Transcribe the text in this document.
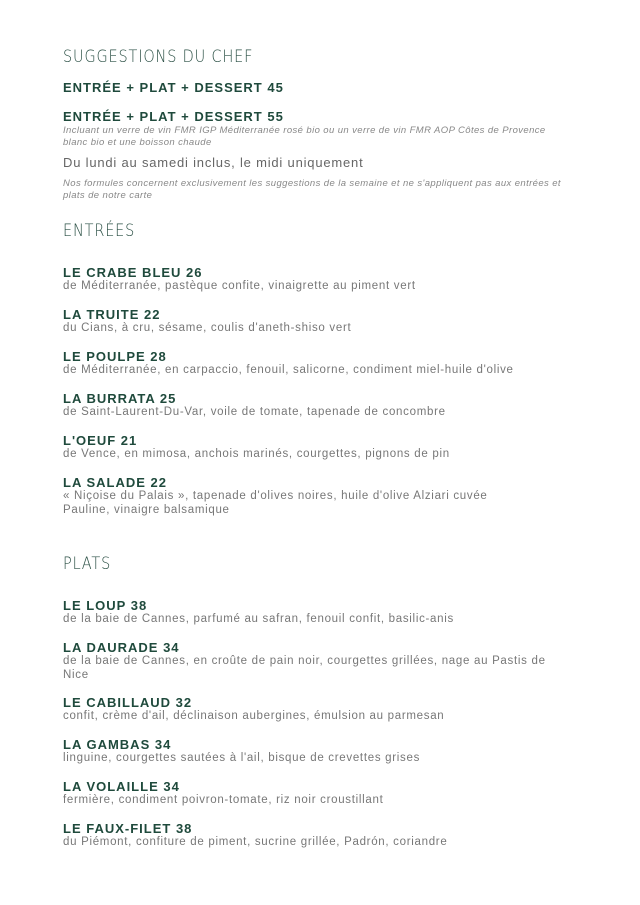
SUGGESTIONS DU CHEF
ENTRÉE + PLAT + DESSERT 45
ENTRÉE + PLAT + DESSERT 55
Incluant un verre de vin FMR IGP Méditerranée rosé bio ou un verre de vin FMR AOP Côtes de Provence blanc bio et une boisson chaude
Du lundi au samedi inclus, le midi uniquement
Nos formules concernent exclusivement les suggestions de la semaine et ne s'appliquent pas aux entrées et plats de notre carte
ENTRÉES
LE CRABE BLEU 26
de Méditerranée, pastèque confite, vinaigrette au piment vert
LA TRUITE 22
du Cians, à cru, sésame, coulis d'aneth-shiso vert
LE POULPE 28
de Méditerranée, en carpaccio, fenouil, salicorne, condiment miel-huile d'olive
LA BURRATA 25
de Saint-Laurent-Du-Var, voile de tomate, tapenade de concombre
L'OEUF 21
de Vence, en mimosa, anchois marinés, courgettes, pignons de pin
LA SALADE 22
« Niçoise du Palais », tapenade d'olives noires, huile d'olive Alziari cuvée Pauline, vinaigre balsamique
PLATS
LE LOUP 38
de la baie de Cannes, parfumé au safran, fenouil confit, basilic-anis
LA DAURADE 34
de la baie de Cannes, en croûte de pain noir, courgettes grillées, nage au Pastis de Nice
LE CABILLAUD 32
confit, crème d'ail, déclinaison aubergines, émulsion au parmesan
LA GAMBAS 34
linguine, courgettes sautées à l'ail, bisque de crevettes grises
LA VOLAILLE 34
fermière, condiment poivron-tomate, riz noir croustillant
LE FAUX-FILET 38
du Piémont, confiture de piment, sucrine grillée, Padrón, coriandre
